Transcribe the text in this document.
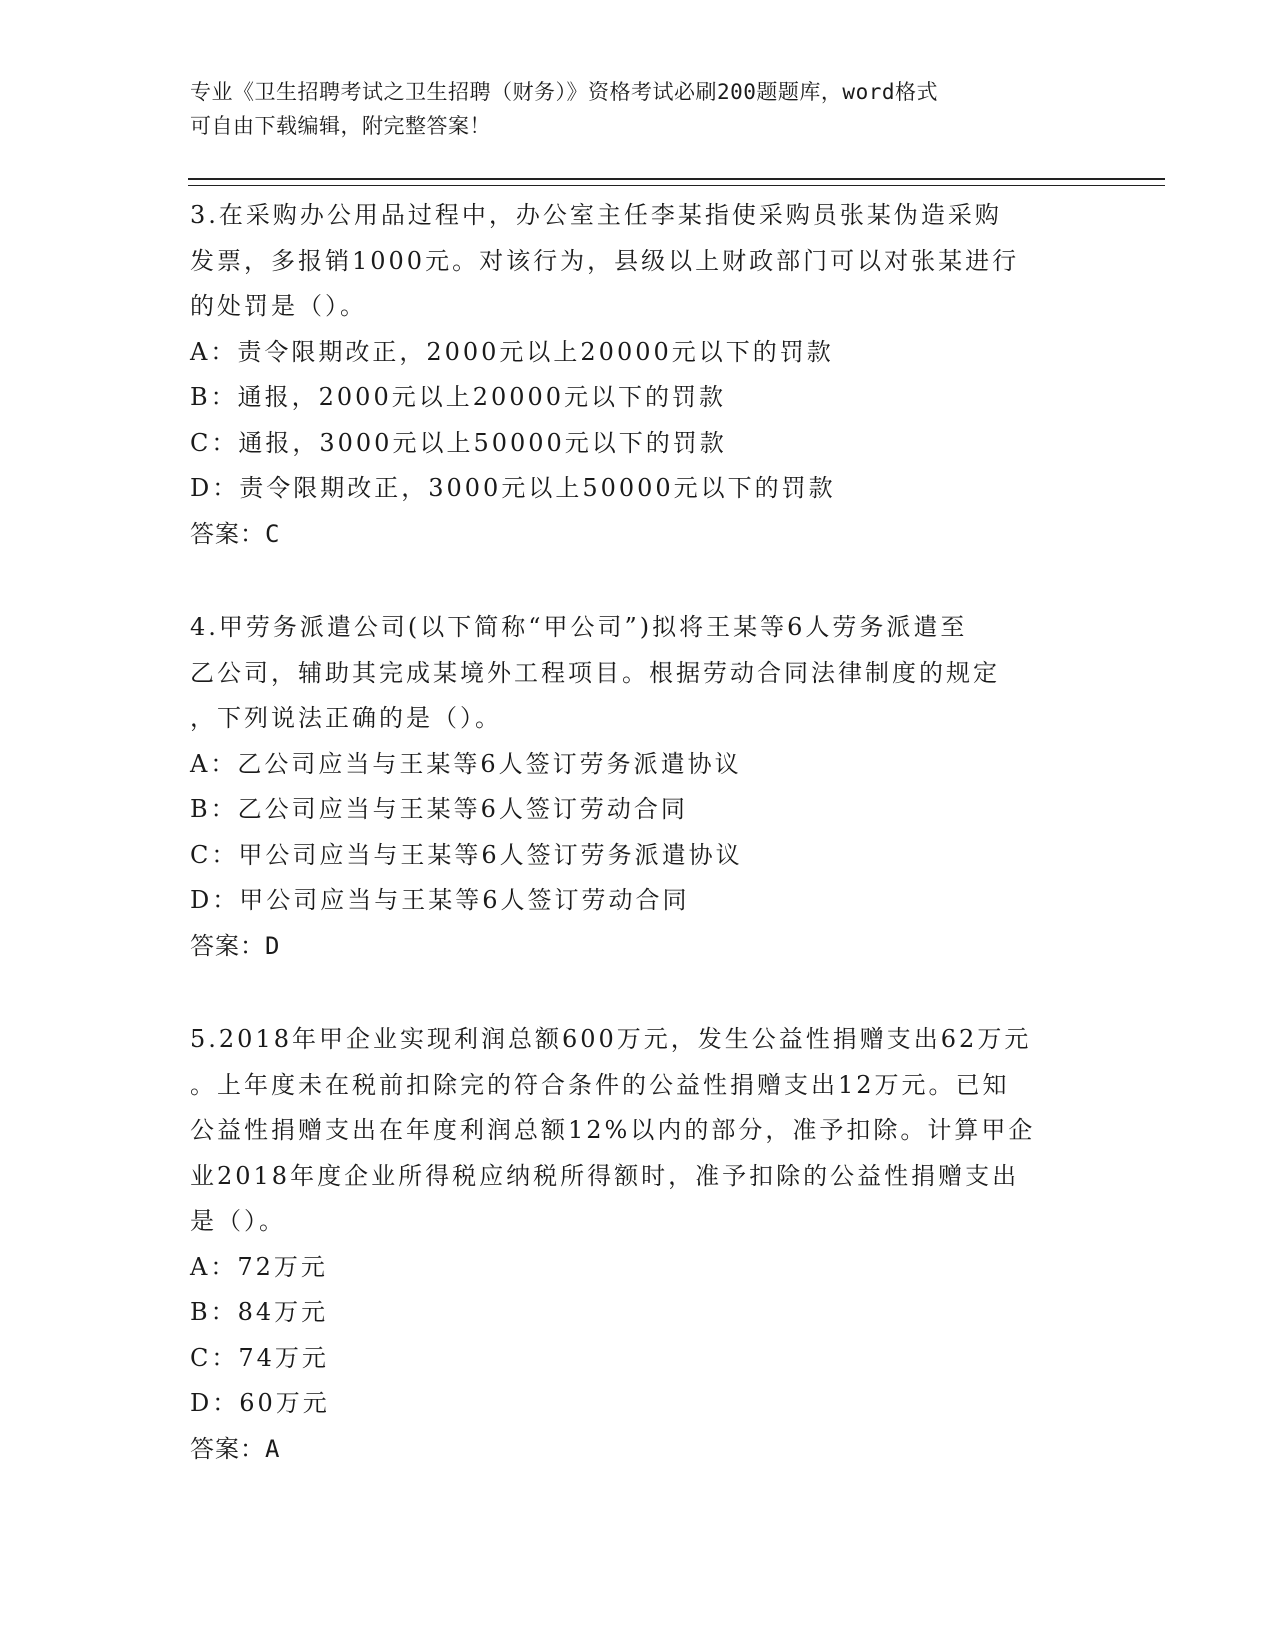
专业《卫生招聘考试之卫生招聘（财务）》资格考试必刷200题题库，word格式
可自由下载编辑，附完整答案！
3.在采购办公用品过程中，办公室主任李某指使采购员张某伪造采购
发票，多报销1000元。对该行为，县级以上财政部门可以对张某进行
的处罚是（）。
A：责令限期改正，2000元以上20000元以下的罚款
B：通报，2000元以上20000元以下的罚款
C：通报，3000元以上50000元以下的罚款
D：责令限期改正，3000元以上50000元以下的罚款
答案：C
4.甲劳务派遣公司(以下简称“甲公司”)拟将王某等6人劳务派遣至
乙公司，辅助其完成某境外工程项目。根据劳动合同法律制度的规定
，下列说法正确的是（）。
A：乙公司应当与王某等6人签订劳务派遣协议
B：乙公司应当与王某等6人签订劳动合同
C：甲公司应当与王某等6人签订劳务派遣协议
D：甲公司应当与王某等6人签订劳动合同
答案：D
5.2018年甲企业实现利润总额600万元，发生公益性捐赠支出62万元
。上年度未在税前扣除完的符合条件的公益性捐赠支出12万元。已知
公益性捐赠支出在年度利润总额12%以内的部分，准予扣除。计算甲企
业2018年度企业所得税应纳税所得额时，准予扣除的公益性捐赠支出
是（）。
A：72万元
B：84万元
C：74万元
D：60万元
答案：A
